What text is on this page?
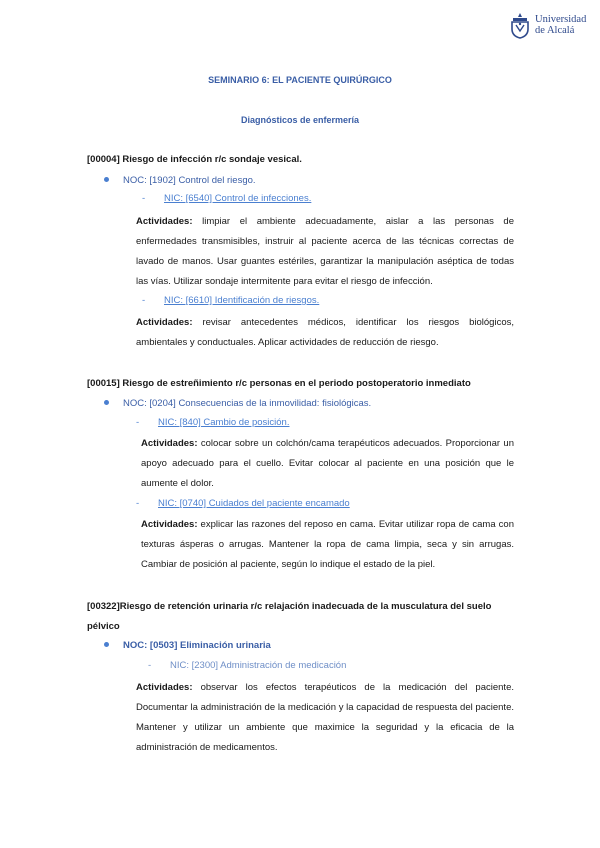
Universidad
de Alcalá
SEMINARIO 6: EL PACIENTE QUIRÚRGICO
Diagnósticos de enfermería
[00004] Riesgo de infección r/c sondaje vesical.
NOC: [1902] Control del riesgo.
- NIC: [6540] Control de infecciones.
Actividades: limpiar el ambiente adecuadamente, aislar a las personas de enfermedades transmisibles, instruir al paciente acerca de las técnicas correctas de lavado de manos. Usar guantes estériles, garantizar la manipulación aséptica de todas las vías. Utilizar sondaje intermitente para evitar el riesgo de infección.
- NIC: [6610] Identificación de riesgos.
Actividades: revisar antecedentes médicos, identificar los riesgos biológicos, ambientales y conductuales. Aplicar actividades de reducción de riesgo.
[00015] Riesgo de estreñimiento r/c personas en el periodo postoperatorio inmediato
NOC: [0204] Consecuencias de la inmovilidad: fisiológicas.
- NIC: [840] Cambio de posición.
Actividades: colocar sobre un colchón/cama terapéuticos adecuados. Proporcionar un apoyo adecuado para el cuello. Evitar colocar al paciente en una posición que le aumente el dolor.
- NIC: [0740] Cuidados del paciente encamado
Actividades: explicar las razones del reposo en cama. Evitar utilizar ropa de cama con texturas ásperas o arrugas. Mantener la ropa de cama limpia, seca y sin arrugas. Cambiar de posición al paciente, según lo indique el estado de la piel.
[00322]Riesgo de retención urinaria r/c relajación inadecuada de la musculatura del suelo pélvico
NOC: [0503] Eliminación urinaria
- NIC: [2300] Administración de medicación
Actividades: observar los efectos terapéuticos de la medicación del paciente. Documentar la administración de la medicación y la capacidad de respuesta del paciente. Mantener y utilizar un ambiente que maximice la seguridad y la eficacia de la administración de medicamentos.
